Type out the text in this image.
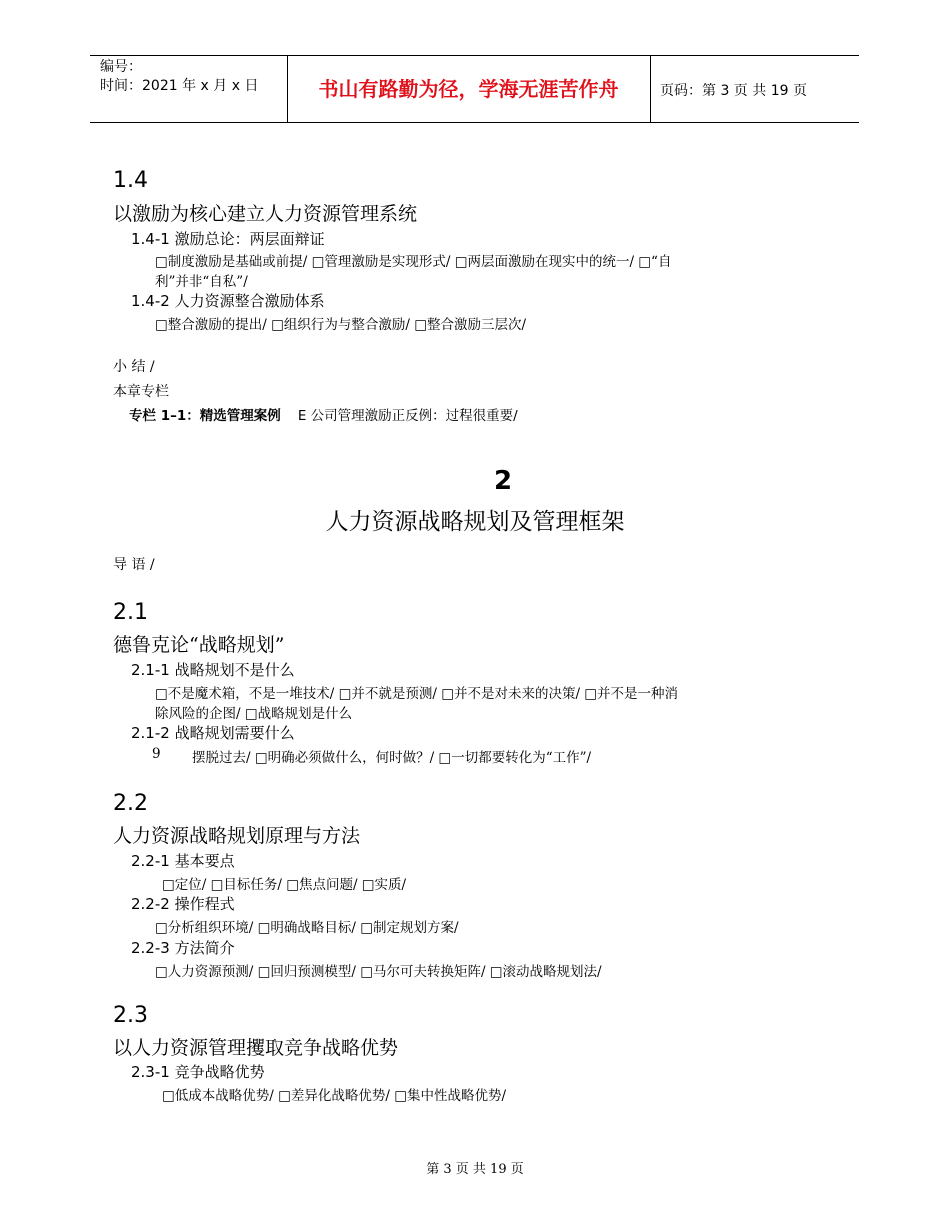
编号：
时间：2021 年 x 月 x 日	书山有路勤为径，学海无涯苦作舟	页码：第 3 页 共 19 页
1.4
以激励为核心建立人力资源管理系统
1.4-1 激励总论：两层面辩证
□制度激励是基础或前提/ □管理激励是实现形式/ □两层面激励在现实中的统一/ □“自
利”并非“自私”/
1.4-2 人力资源整合激励体系
□整合激励的提出/ □组织行为与整合激励/ □整合激励三层次/
小 结 /
本章专栏
专栏 1–1：精选管理案例 E 公司管理激励正反例：过程很重要/
2
人力资源战略规划及管理框架
导 语 /
2.1
德鲁克论“战略规划”
2.1-1 战略规划不是什么
□不是魔术箱，不是一堆技术/ □并不就是预测/ □并不是对未来的决策/ □并不是一种消
除风险的企图/ □战略规划是什么
2.1-2 战略规划需要什么
9 摆脱过去/ □明确必须做什么，何时做？/ □一切都要转化为“工作”/
2.2
人力资源战略规划原理与方法
2.2-1 基本要点
□定位/ □目标任务/ □焦点问题/ □实质/
2.2-2 操作程式
□分析组织环境/ □明确战略目标/ □制定规划方案/
2.2-3 方法简介
□人力资源预测/ □回归预测模型/ □马尔可夫转换矩阵/ □滚动战略规划法/
2.3
以人力资源管理攫取竞争战略优势
2.3-1 竞争战略优势
□低成本战略优势/ □差异化战略优势/ □集中性战略优势/
第 3 页 共 19 页
